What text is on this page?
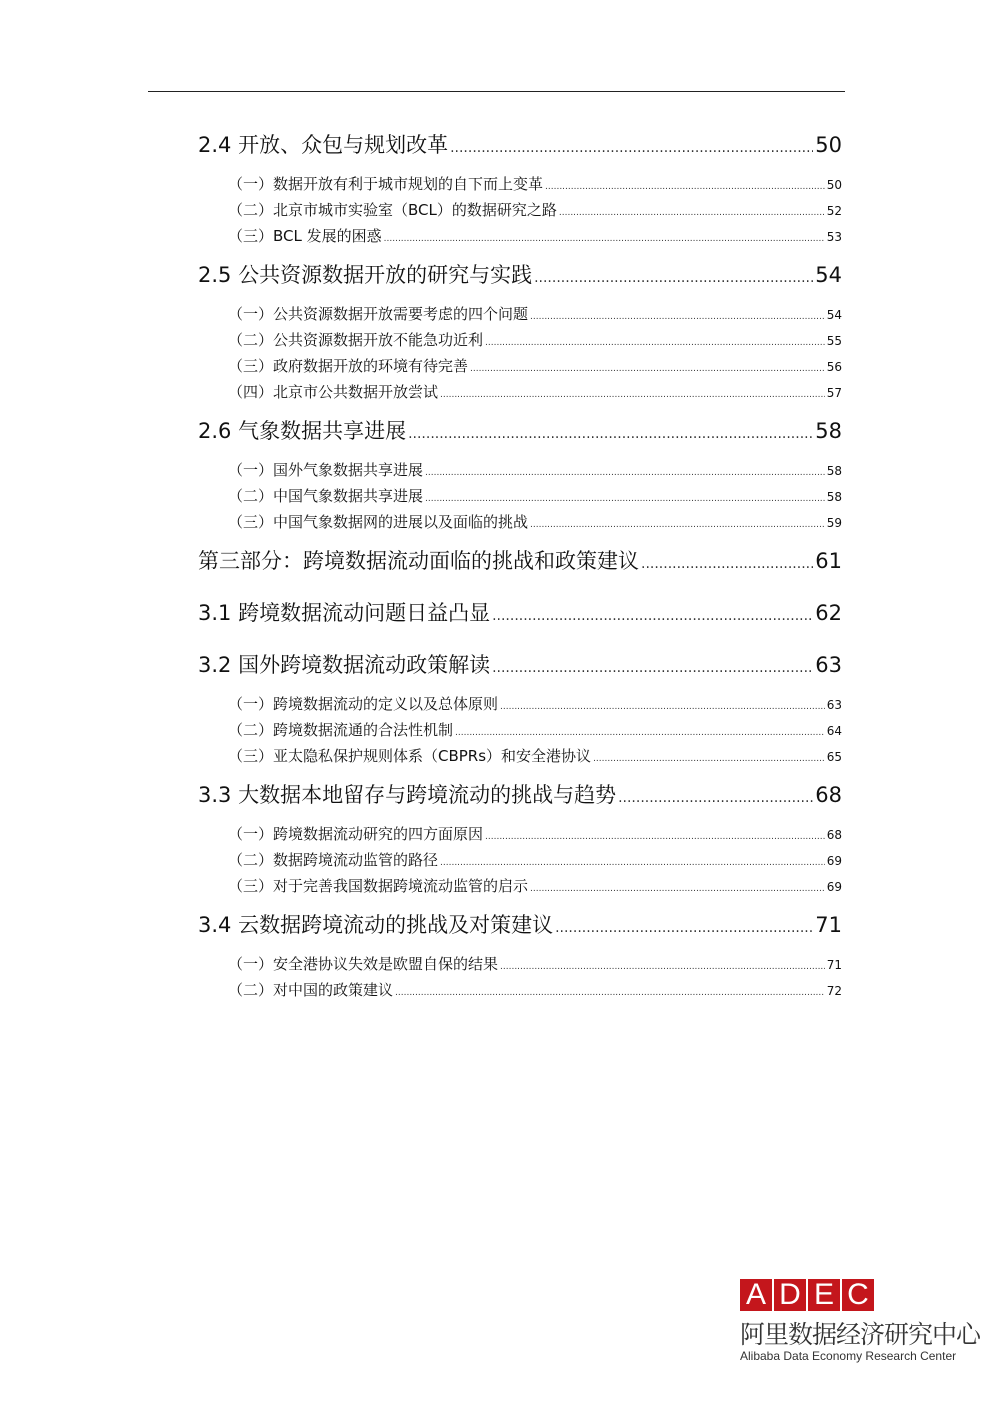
2.4 开放、众包与规划改革 .....	50
（一）数据开放有利于城市规划的自下而上变革 .....	50
（二）北京市城市实验室（BCL）的数据研究之路 .....	52
（三）BCL 发展的困惑 .....	53
2.5 公共资源数据开放的研究与实践 .....	54
（一）公共资源数据开放需要考虑的四个问题 .....	54
（二）公共资源数据开放不能急功近利 .....	55
（三）政府数据开放的环境有待完善 .....	56
（四）北京市公共数据开放尝试 .....	57
2.6 气象数据共享进展 .....	58
（一）国外气象数据共享进展 .....	58
（二）中国气象数据共享进展 .....	58
（三）中国气象数据网的进展以及面临的挑战 .....	59
第三部分：跨境数据流动面临的挑战和政策建议 .....	61
3.1 跨境数据流动问题日益凸显 .....	62
3.2 国外跨境数据流动政策解读 .....	63
（一）跨境数据流动的定义以及总体原则 .....	63
（二）跨境数据流通的合法性机制 .....	64
（三）亚太隐私保护规则体系（CBPRs）和安全港协议 .....	65
3.3 大数据本地留存与跨境流动的挑战与趋势 .....	68
（一）跨境数据流动研究的四方面原因 .....	68
（二）数据跨境流动监管的路径 .....	69
（三）对于完善我国数据跨境流动监管的启示 .....	69
3.4 云数据跨境流动的挑战及对策建议 .....	71
（一）安全港协议失效是欧盟自保的结果 .....	71
（二）对中国的政策建议 .....	72
A D E C
阿里数据经济研究中心
Alibaba Data Economy Research Center
